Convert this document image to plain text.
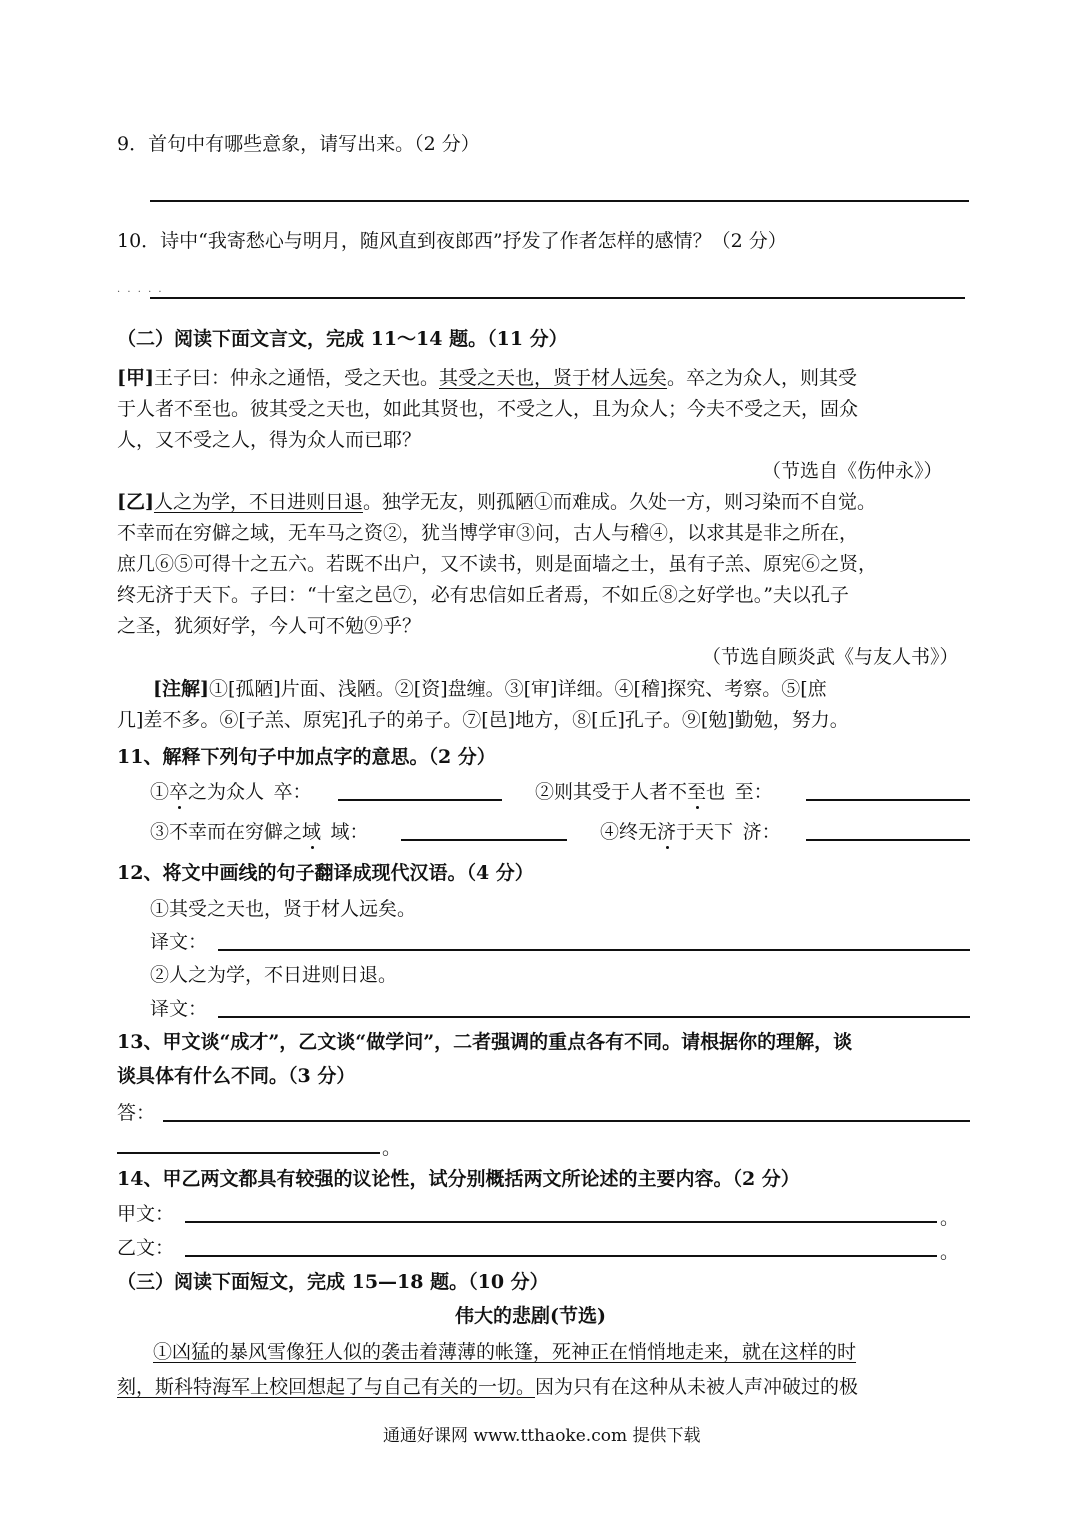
9．首句中有哪些意象，请写出来。（2 分）
10．诗中“我寄愁心与明月，随风直到夜郎西”抒发了作者怎样的感情？（2 分）
· · · · ·
（二）阅读下面文言文，完成 11～14 题。（11 分）
[甲]王子曰：仲永之通悟，受之天也。其受之天也，贤于材人远矣。卒之为众人，则其受
于人者不至也。彼其受之天也，如此其贤也，不受之人，且为众人；今夫不受之天，固众
人，又不受之人，得为众人而已耶？
（节选自《伤仲永》）
[乙]人之为学，不日进则日退。独学无友，则孤陋①而难成。久处一方，则习染而不自觉。
不幸而在穷僻之域，无车马之资②，犹当博学审③问，古人与稽④，以求其是非之所在，
庶几⑥⑤可得十之五六。若既不出户，又不读书，则是面墙之士，虽有子羔、原宪⑥之贤，
终无济于天下。子曰：“十室之邑⑦，必有忠信如丘者焉，不如丘⑧之好学也。”夫以孔子
之圣，犹须好学，今人可不勉⑨乎？
（节选自顾炎武《与友人书》）
[注解]①[孤陋]片面、浅陋。②[资]盘缠。③[审]详细。④[稽]探究、考察。⑤[庶
几]差不多。⑥[子羔、原宪]孔子的弟子。⑦[邑]地方，⑧[丘]孔子。⑨[勉]勤勉，努力。
11、解释下列句子中加点字的意思。（2 分）
①卒之为众人  卒：	②则其受于人者不至也  至：
③不幸而在穷僻之域  域：	④终无济于天下  济：
12、将文中画线的句子翻译成现代汉语。（4 分）
①其受之天也，贤于材人远矣。
译文：
②人之为学，不日进则日退。
译文：
13、甲文谈“成才”，乙文谈“做学问”，二者强调的重点各有不同。请根据你的理解，谈
谈具体有什么不同。（3 分）
答：
。
14、甲乙两文都具有较强的议论性，试分别概括两文所论述的主要内容。（2 分）
甲文：	。
乙文：	。
（三）阅读下面短文，完成 15—18 题。（10 分）
伟大的悲剧(节选)
①凶猛的暴风雪像狂人似的袭击着薄薄的帐篷，死神正在悄悄地走来，就在这样的时
刻，斯科特海军上校回想起了与自己有关的一切。因为只有在这种从未被人声冲破过的极
通通好课网 www.tthaoke.com 提供下载
